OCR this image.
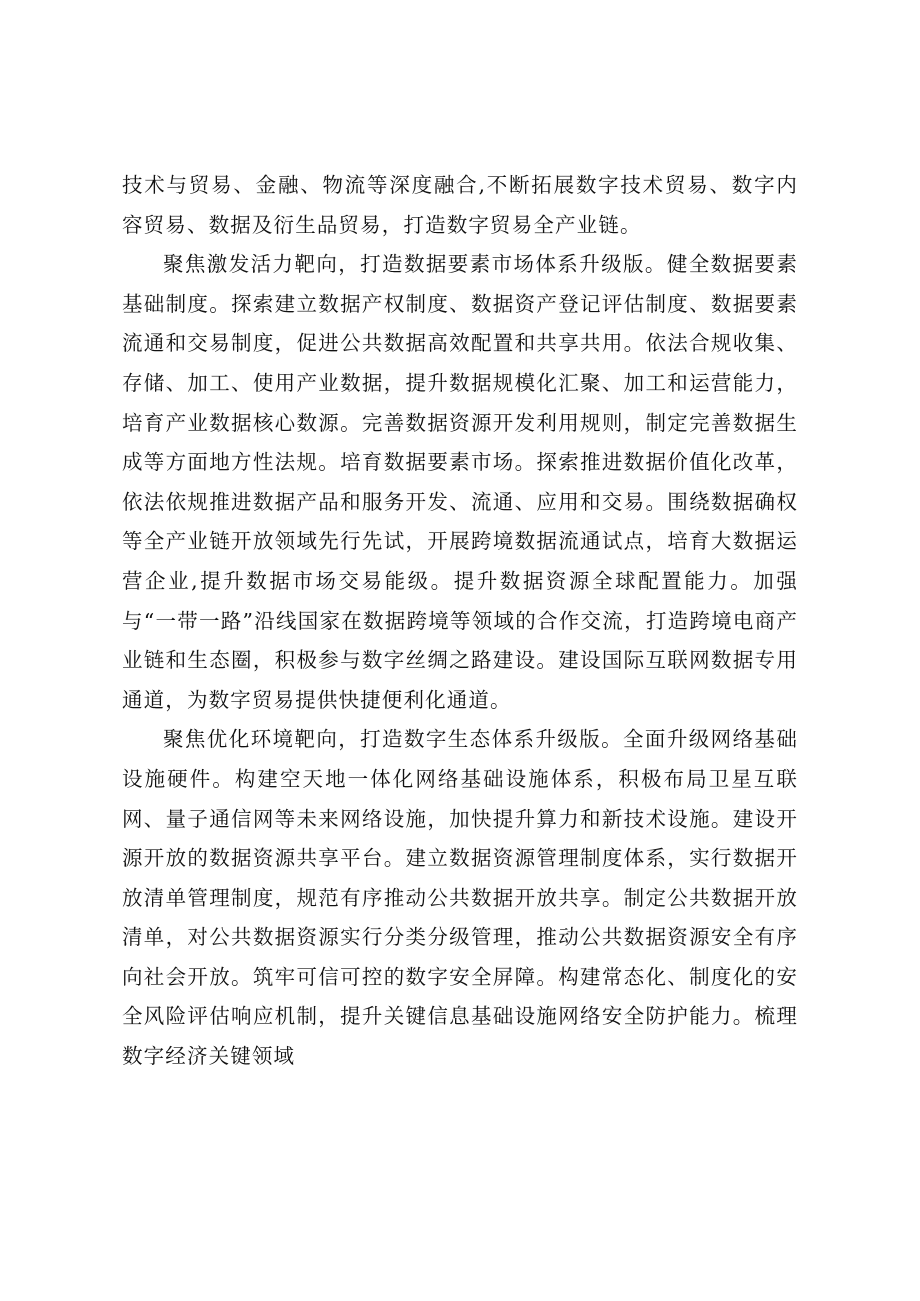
技术与贸易、金融、物流等深度融合,不断拓展数字技术贸易、数字内容贸易、数据及衍生品贸易，打造数字贸易全产业链。

聚焦激发活力靶向，打造数据要素市场体系升级版。健全数据要素基础制度。探索建立数据产权制度、数据资产登记评估制度、数据要素流通和交易制度，促进公共数据高效配置和共享共用。依法合规收集、存储、加工、使用产业数据，提升数据规模化汇聚、加工和运营能力，培育产业数据核心数源。完善数据资源开发利用规则，制定完善数据生成等方面地方性法规。培育数据要素市场。探索推进数据价值化改革，依法依规推进数据产品和服务开发、流通、应用和交易。围绕数据确权等全产业链开放领域先行先试，开展跨境数据流通试点，培育大数据运营企业,提升数据市场交易能级。提升数据资源全球配置能力。加强与“一带一路”沿线国家在数据跨境等领域的合作交流，打造跨境电商产业链和生态圈，积极参与数字丝绸之路建设。建设国际互联网数据专用通道，为数字贸易提供快捷便利化通道。

聚焦优化环境靶向，打造数字生态体系升级版。全面升级网络基础设施硬件。构建空天地一体化网络基础设施体系，积极布局卫星互联网、量子通信网等未来网络设施，加快提升算力和新技术设施。建设开源开放的数据资源共享平台。建立数据资源管理制度体系，实行数据开放清单管理制度，规范有序推动公共数据开放共享。制定公共数据开放清单，对公共数据资源实行分类分级管理，推动公共数据资源安全有序向社会开放。筑牢可信可控的数字安全屏障。构建常态化、制度化的安全风险评估响应机制，提升关键信息基础设施网络安全防护能力。梳理数字经济关键领域
